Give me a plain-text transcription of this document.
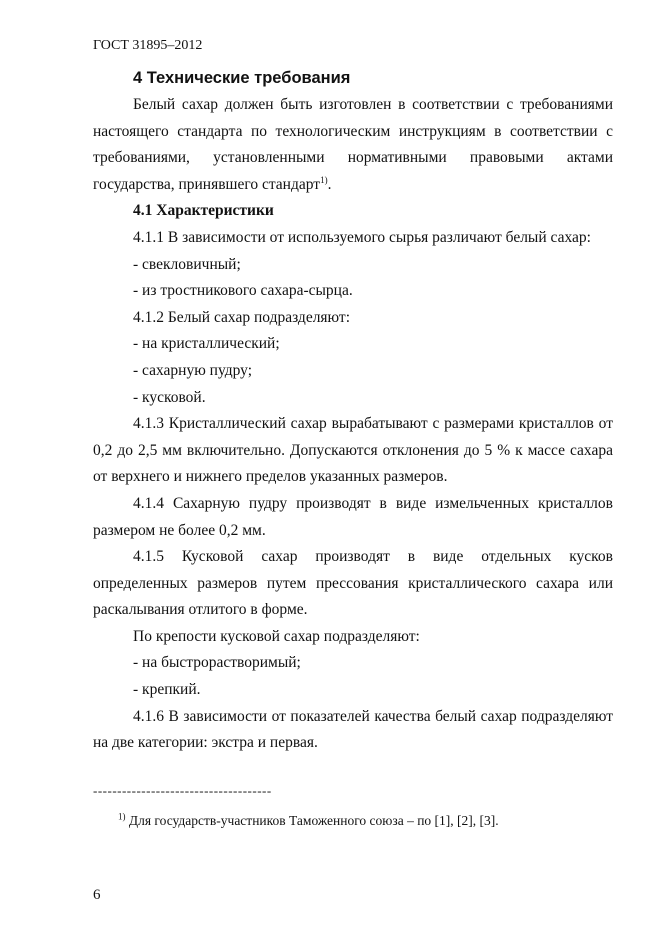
ГОСТ 31895–2012
4 Технические требования

Белый сахар должен быть изготовлен в соответствии с требованиями настоящего стандарта по технологическим инструкциям в соответствии с требованиями, установленными нормативными правовыми актами государства, принявшего стандарт$^{1)}$.

4.1 Характеристики

4.1.1 В зависимости от используемого сырья различают белый сахар:

- свекловичный;

- из тростникового сахара-сырца.

4.1.2 Белый сахар подразделяют:

- на кристаллический;

- сахарную пудру;

- кусковой.

4.1.3 Кристаллический сахар вырабатывают с размерами кристаллов от 0,2 до 2,5 мм включительно. Допускаются отклонения до 5 % к массе сахара от верхнего и нижнего пределов указанных размеров.

4.1.4 Сахарную пудру производят в виде измельченных кристаллов размером не более 0,2 мм.

4.1.5 Кусковой сахар производят в виде отдельных кусков определенных размеров путем прессования кристаллического сахара или раскалывания отлитого в форме.

По крепости кусковой сахар подразделяют:

- на быстрорастворимый;

- крепкий.

4.1.6 В зависимости от показателей качества белый сахар подразделяют на две категории: экстра и первая.

-------------------------------------
$^{1)}$ Для государств-участников Таможенного союза – по [1], [2], [3].
6
